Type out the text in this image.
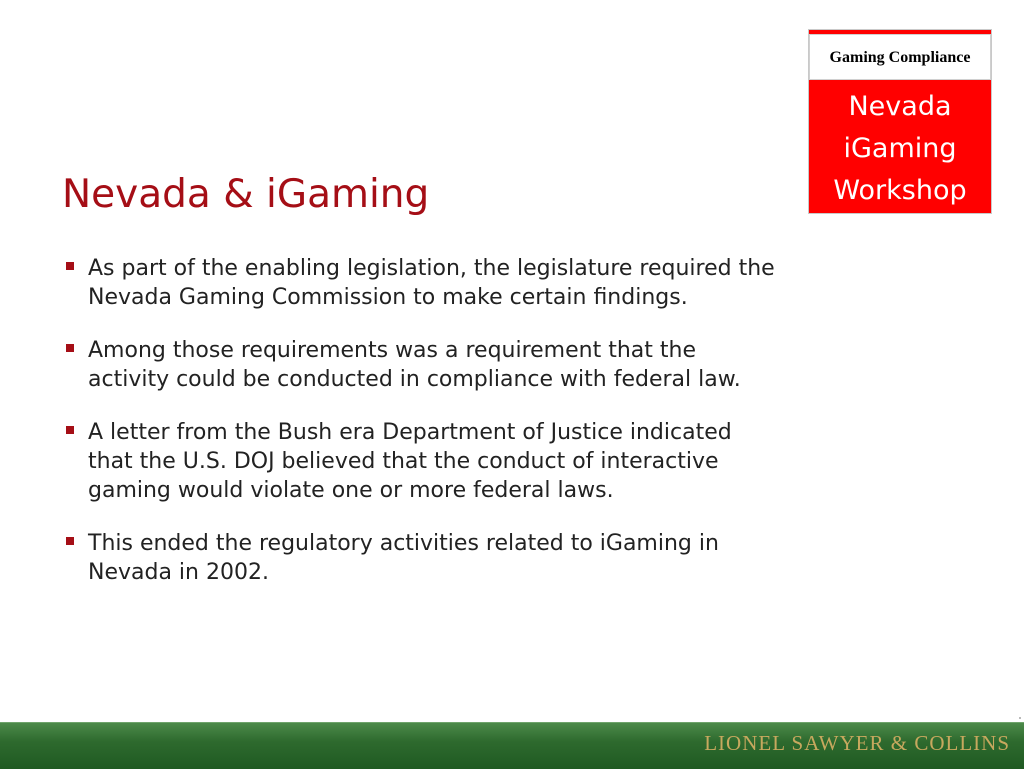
Gaming Compliance
Nevada
iGaming
Workshop
Nevada & iGaming
As part of the enabling legislation, the legislature required the Nevada Gaming Commission to make certain findings.
Among those requirements was a requirement that the activity could be conducted in compliance with federal law.
A letter from the Bush era Department of Justice indicated that the U.S. DOJ believed that the conduct of interactive gaming would violate one or more federal laws.
This ended the regulatory activities related to iGaming in Nevada in 2002.
LIONEL SAWYER & COLLINS
